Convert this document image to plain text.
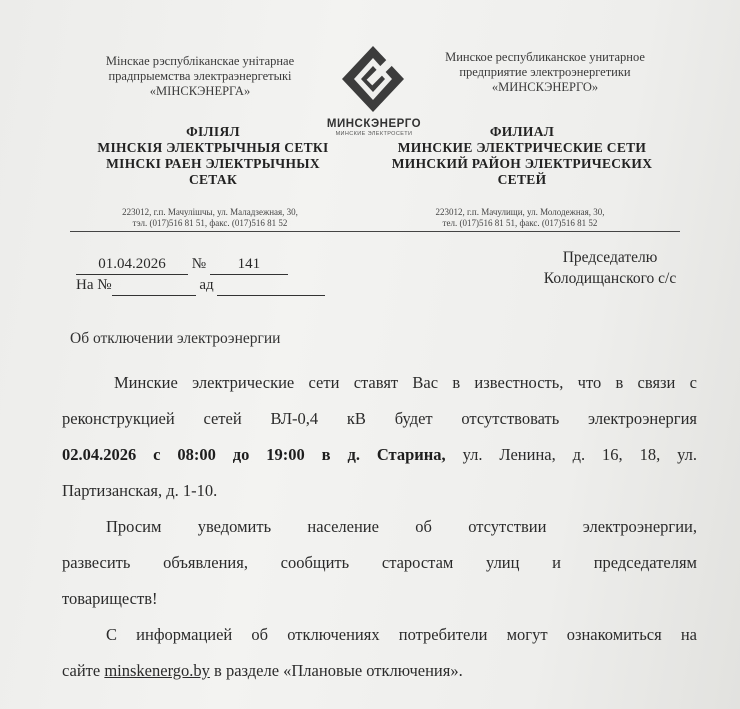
Мінскае рэспубліканскае унітарнае
прадпрыемства электраэнергетыкі
«МІНСКЭНЕРГА»
МИНСКЭНЕРГО
МИНСКИЕ ЭЛЕКТРОСЕТИ
Минское республиканское унитарное
предприятие электроэнергетики
«МИНСКЭНЕРГО»
ФІЛІЯЛ
МІНСКІЯ ЭЛЕКТРЫЧНЫЯ СЕТКІ
МІНСКІ РАЕН ЭЛЕКТРЫЧНЫХ
СЕТАК
ФИЛИАЛ
МИНСКИЕ ЭЛЕКТРИЧЕСКИЕ СЕТИ
МИНСКИЙ РАЙОН ЭЛЕКТРИЧЕСКИХ
СЕТЕЙ
223012, г.п. Мачулішчы, ул. Маладзежная, 30,
тэл. (017)516 81 51, факс. (017)516 81 52
223012, г.п. Мачулищи, ул. Молодежная, 30,
тел. (017)516 81 51, факс. (017)516 81 52
01.04.2026 № 141
На №	ад
Председателю
Колодищанского с/с
Об отключении электроэнергии
Минские электрические сети ставят Вас в известность, что в связи с
реконструкцией сетей ВЛ-0,4 кВ будет отсутствовать электроэнергия
02.04.2026 с 08:00 до 19:00 в д. Старина, ул. Ленина, д. 16, 18, ул.
Партизанская, д. 1-10.
Просим уведомить население об отсутствии электроэнергии,
развесить объявления, сообщить старостам улиц и председателям
товариществ!
С информацией об отключениях потребители могут ознакомиться на
сайте minskenergo.by в разделе «Плановые отключения».
